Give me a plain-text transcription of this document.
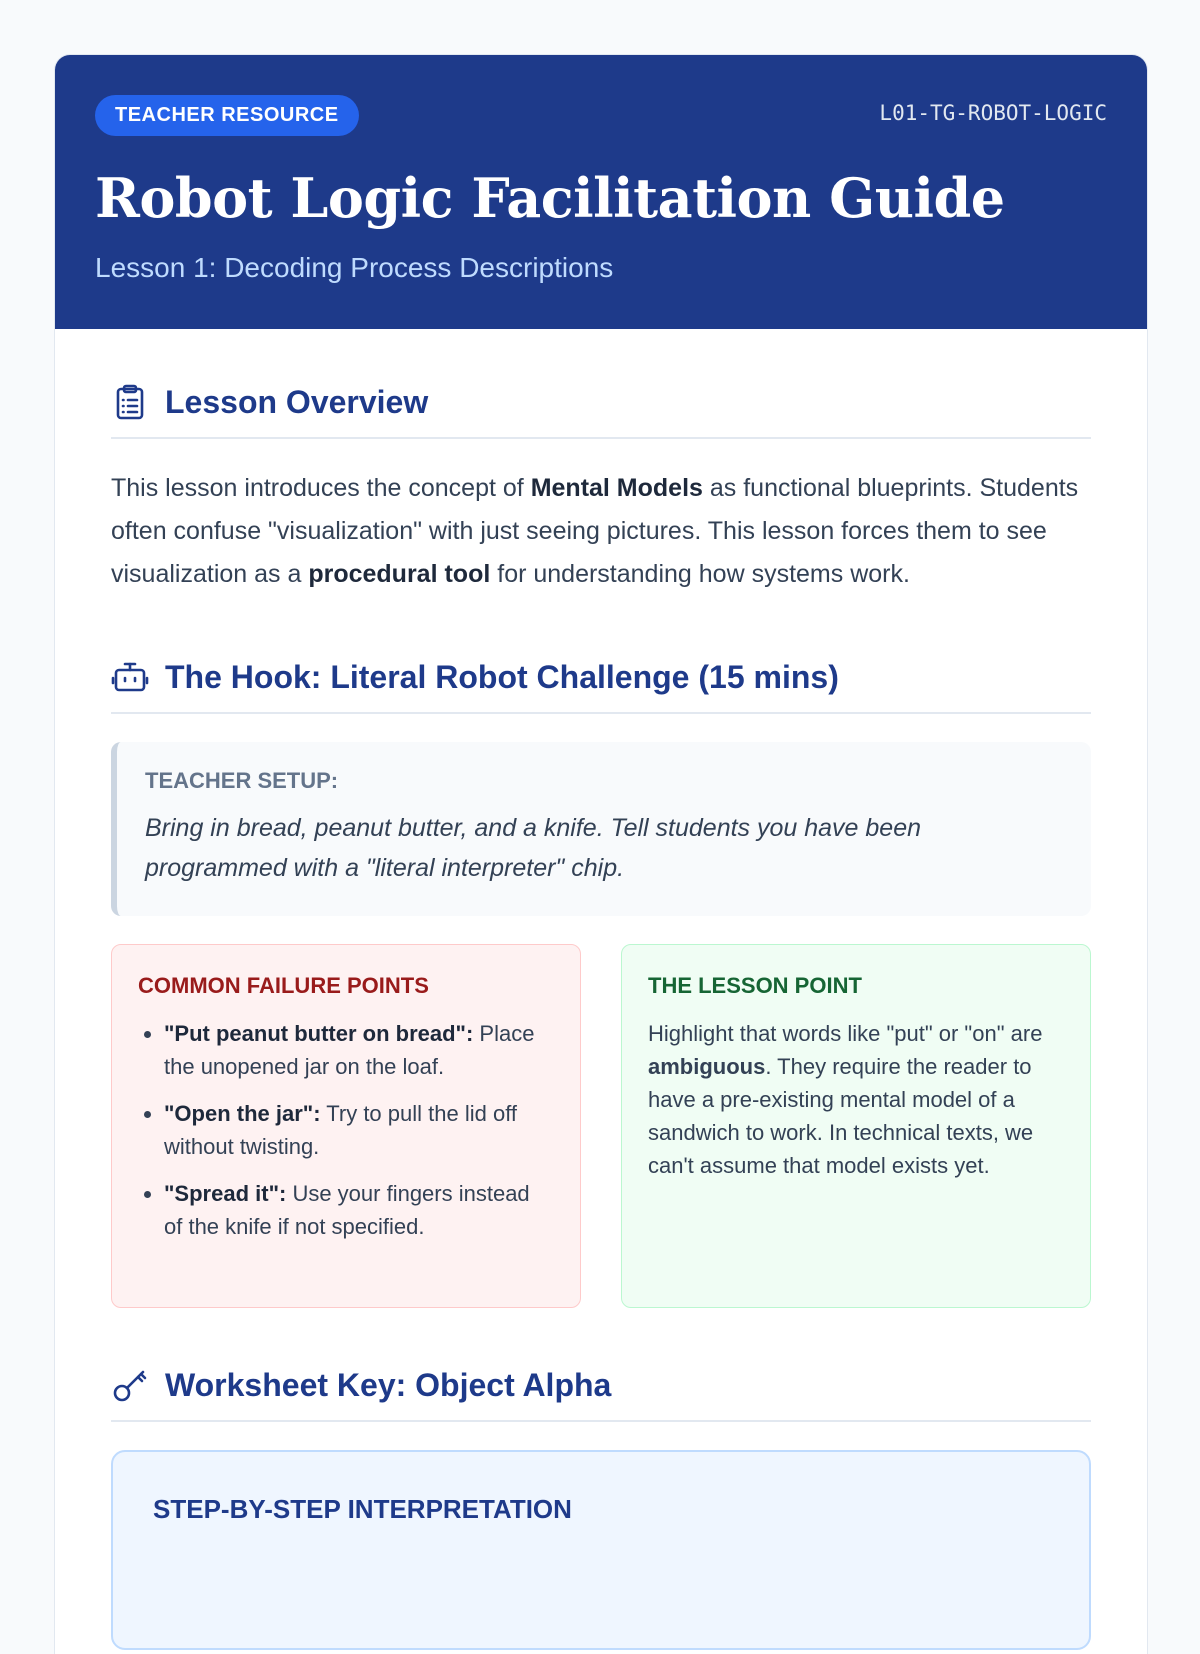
TEACHER RESOURCE	L01-TG-ROBOT-LOGIC
Robot Logic Facilitation Guide
Lesson 1: Decoding Process Descriptions
Lesson Overview
This lesson introduces the concept of Mental Models as functional blueprints. Students often confuse "visualization" with just seeing pictures. This lesson forces them to see visualization as a procedural tool for understanding how systems work.
The Hook: Literal Robot Challenge (15 mins)
TEACHER SETUP:
Bring in bread, peanut butter, and a knife. Tell students you have been programmed with a "literal interpreter" chip.
COMMON FAILURE POINTS
• "Put peanut butter on bread": Place the unopened jar on the loaf.
• "Open the jar": Try to pull the lid off without twisting.
• "Spread it": Use your fingers instead of the knife if not specified.
THE LESSON POINT
Highlight that words like "put" or "on" are ambiguous. They require the reader to have a pre-existing mental model of a sandwich to work. In technical texts, we can't assume that model exists yet.
Worksheet Key: Object Alpha
STEP-BY-STEP INTERPRETATION
